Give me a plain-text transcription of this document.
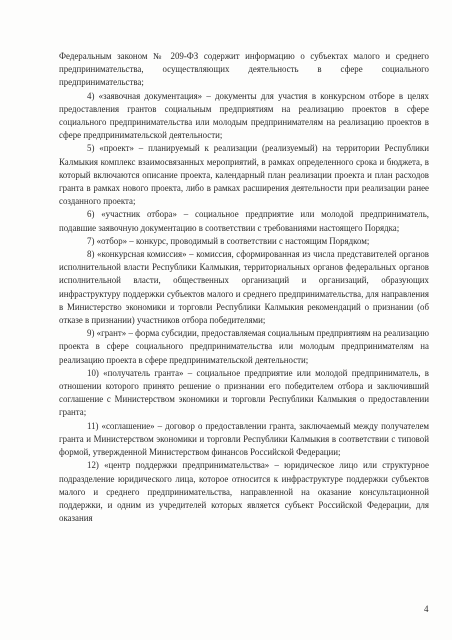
Федеральным законом № 209-ФЗ содержит информацию о субъектах малого и среднего предпринимательства, осуществляющих деятельность в сфере социального предпринимательства;

4) «заявочная документация» – документы для участия в конкурсном отборе в целях предоставления грантов социальным предприятиям на реализацию проектов в сфере социального предпринимательства или молодым предпринимателям на реализацию проектов в сфере предпринимательской деятельности;

5) «проект» – планируемый к реализации (реализуемый) на территории Республики Калмыкия комплекс взаимосвязанных мероприятий, в рамках определенного срока и бюджета, в который включаются описание проекта, календарный план реализации проекта и план расходов гранта в рамках нового проекта, либо в рамках расширения деятельности при реализации ранее созданного проекта;

6) «участник отбора» – социальное предприятие или молодой предприниматель, подавшие заявочную документацию в соответствии с требованиями настоящего Порядка;

7) «отбор» – конкурс, проводимый в соответствии с настоящим Порядком;

8) «конкурсная комиссия» – комиссия, сформированная из числа представителей органов исполнительной власти Республики Калмыкия, территориальных органов федеральных органов исполнительной власти, общественных организаций и организаций, образующих инфраструктуру поддержки субъектов малого и среднего предпринимательства, для направления в Министерство экономики и торговли Республики Калмыкия рекомендаций о признании (об отказе в признании) участников отбора победителями;

9) «грант» – форма субсидии, предоставляемая социальным предприятиям на реализацию проекта в сфере социального предпринимательства или молодым предпринимателям на реализацию проекта в сфере предпринимательской деятельности;

10) «получатель гранта» – социальное предприятие или молодой предприниматель, в отношении которого принято решение о признании его победителем отбора и заключивший соглашение с Министерством экономики и торговли Республики Калмыкия о предоставлении гранта;

11) «соглашение» – договор о предоставлении гранта, заключаемый между получателем гранта и Министерством экономики и торговли Республики Калмыкия в соответствии с типовой формой, утвержденной Министерством финансов Российской Федерации;

12) «центр поддержки предпринимательства» – юридическое лицо или структурное подразделение юридического лица, которое относится к инфраструктуре поддержки субъектов малого и среднего предпринимательства, направленной на оказание консультационной поддержки, и одним из учредителей которых является субъект Российской Федерации, для оказания

4
